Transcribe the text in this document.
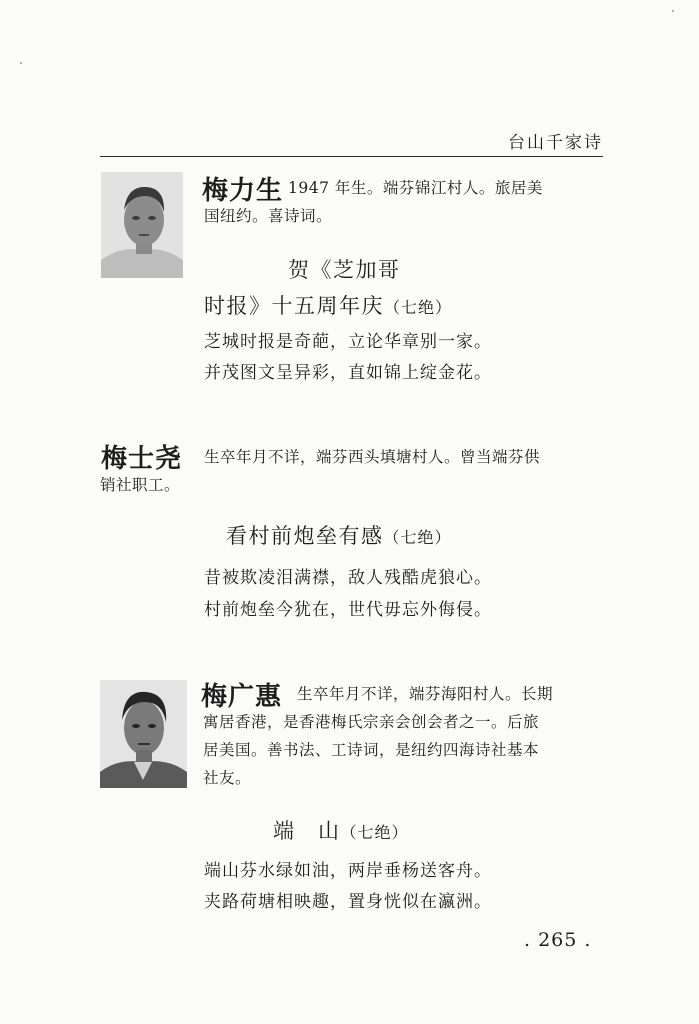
台山千家诗
梅力生 1947 年生。端芬锦江村人。旅居美
国纽约。喜诗词。
贺《芝加哥
时报》十五周年庆（七绝）
芝城时报是奇葩，立论华章别一家。
并茂图文呈异彩，直如锦上绽金花。
梅士尧	生卒年月不详，端芬西头填塘村人。曾当端芬供
销社职工。
看村前炮垒有感（七绝）
昔被欺凌泪满襟，敌人残酷虎狼心。
村前炮垒今犹在，世代毋忘外侮侵。
梅广惠 生卒年月不详，端芬海阳村人。长期
寓居香港，是香港梅氏宗亲会创会者之一。后旅
居美国。善书法、工诗词，是纽约四海诗社基本
社友。
端　山（七绝）
端山芬水绿如油，两岸垂杨送客舟。
夹路荷塘相映趣，置身恍似在瀛洲。
. 265 .
